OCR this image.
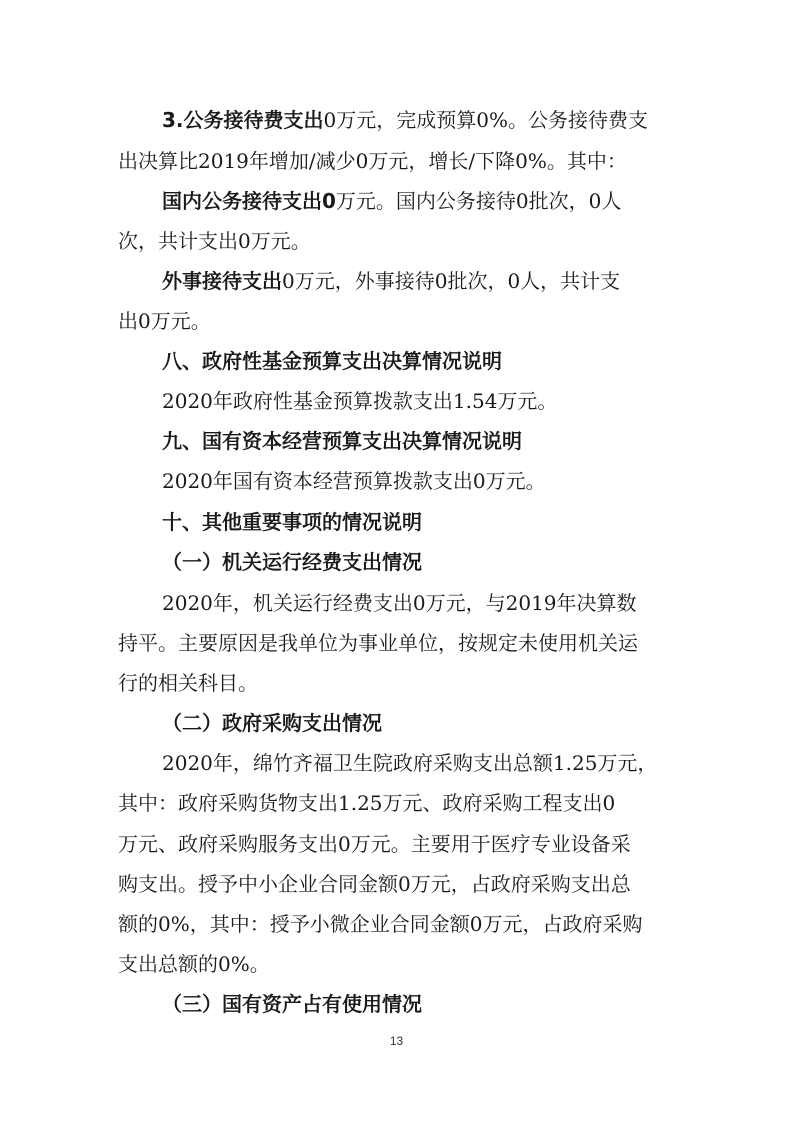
3.公务接待费支出0万元，完成预算0%。公务接待费支
出决算比2019年增加/减少0万元，增长/下降0%。其中：
国内公务接待支出0万元。国内公务接待0批次，0人
次，共计支出0万元。
外事接待支出0万元，外事接待0批次，0人，共计支
出0万元。
八、政府性基金预算支出决算情况说明
2020年政府性基金预算拨款支出1.54万元。
九、国有资本经营预算支出决算情况说明
2020年国有资本经营预算拨款支出0万元。
十、其他重要事项的情况说明
（一）机关运行经费支出情况
2020年，机关运行经费支出0万元，与2019年决算数
持平。主要原因是我单位为事业单位，按规定未使用机关运
行的相关科目。
（二）政府采购支出情况
2020年，绵竹齐福卫生院政府采购支出总额1.25万元，
其中：政府采购货物支出1.25万元、政府采购工程支出0
万元、政府采购服务支出0万元。主要用于医疗专业设备采
购支出。授予中小企业合同金额0万元，占政府采购支出总
额的0%，其中：授予小微企业合同金额0万元，占政府采购
支出总额的0%。
（三）国有资产占有使用情况
13
